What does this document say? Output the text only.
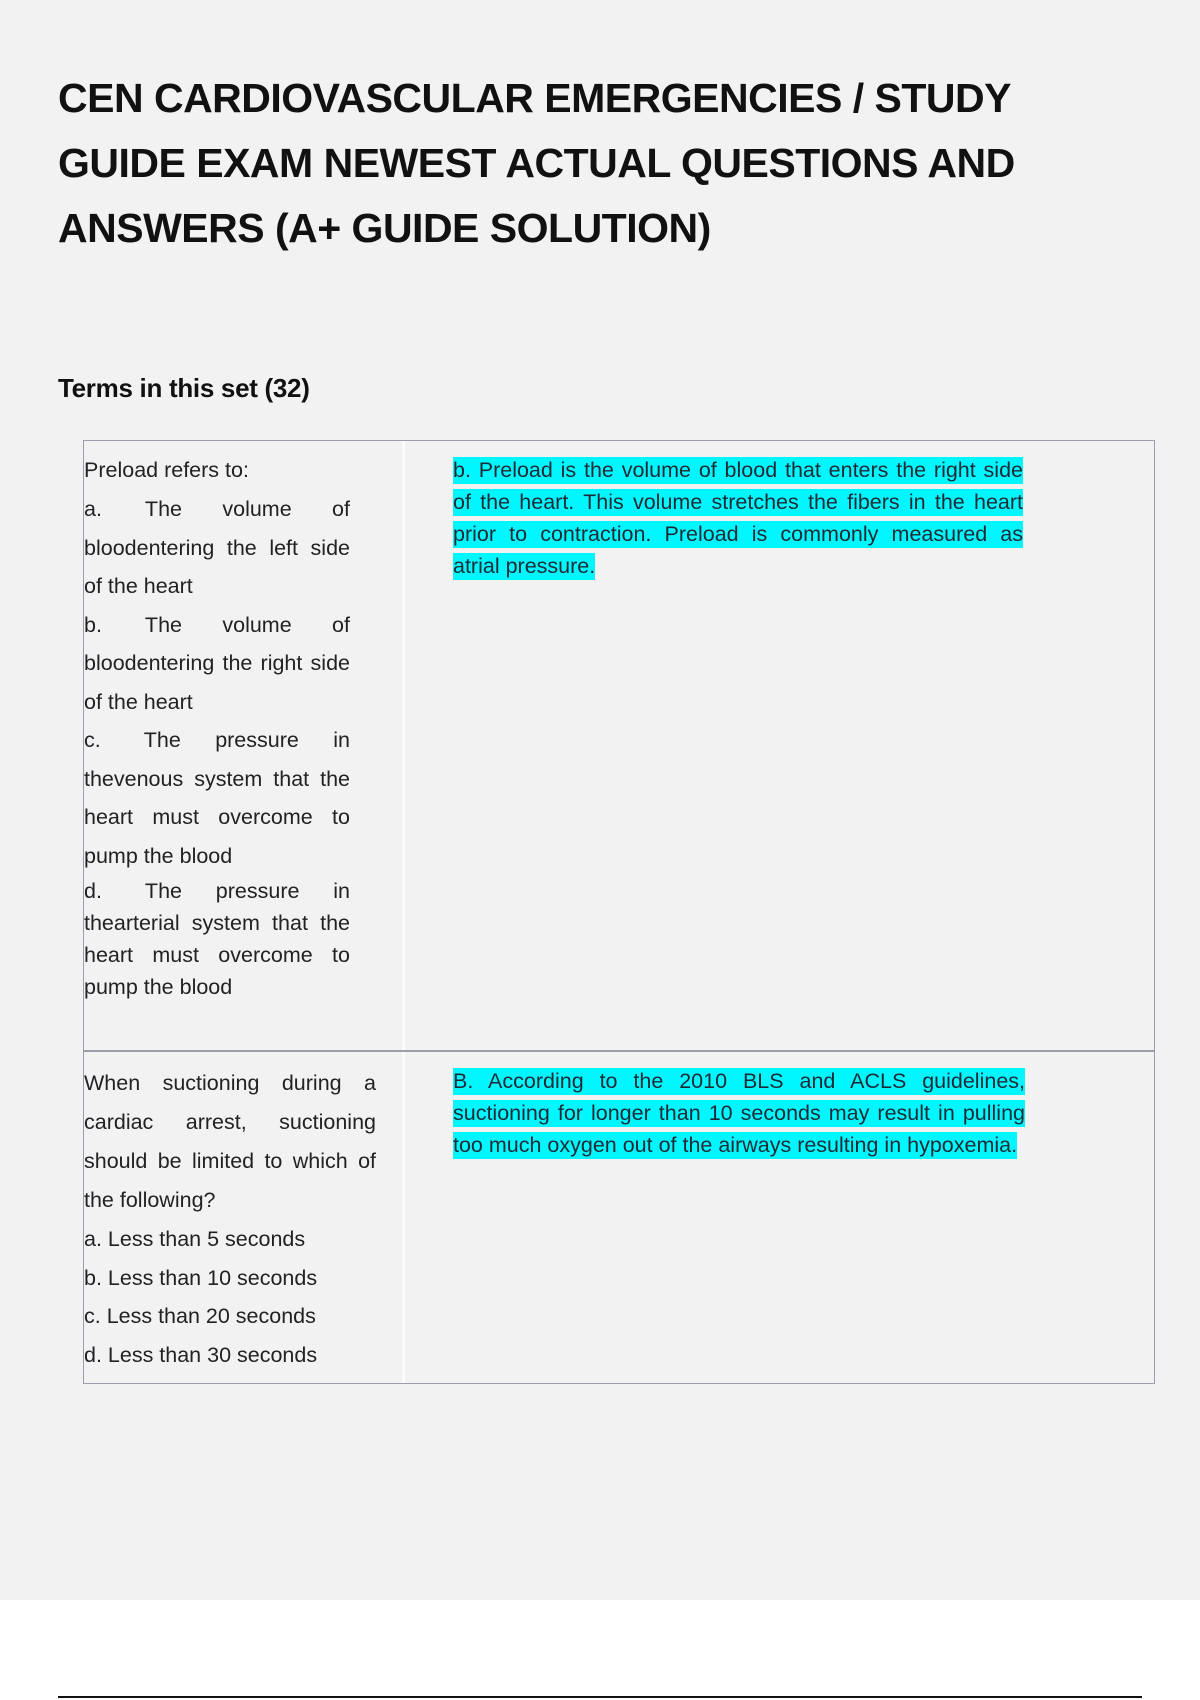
CEN CARDIOVASCULAR EMERGENCIES / STUDY GUIDE EXAM NEWEST ACTUAL QUESTIONS AND ANSWERS (A+ GUIDE SOLUTION)
Terms in this set (32)

Preload refers to:

a.  The volume of bloodentering the left side of the heart

b.  The volume of bloodentering the right side of the heart

c.  The pressure in thevenous system that the heart must overcome to pump the blood

d.  The pressure in thearterial system that the heart must overcome to pump the blood

b. Preload is the volume of blood that enters the right side of the heart. This volume stretches the fibers in the heart prior to contraction. Preload is commonly measured as atrial pressure.

When suctioning during a cardiac arrest, suctioning should be limited to which of the following?

a. Less than 5 seconds

b. Less than 10 seconds

c. Less than 20 seconds

d. Less than 30 seconds

B. According to the 2010 BLS and ACLS guidelines, suctioning for longer than 10 seconds may result in pulling too much oxygen out of the airways resulting in hypoxemia.
